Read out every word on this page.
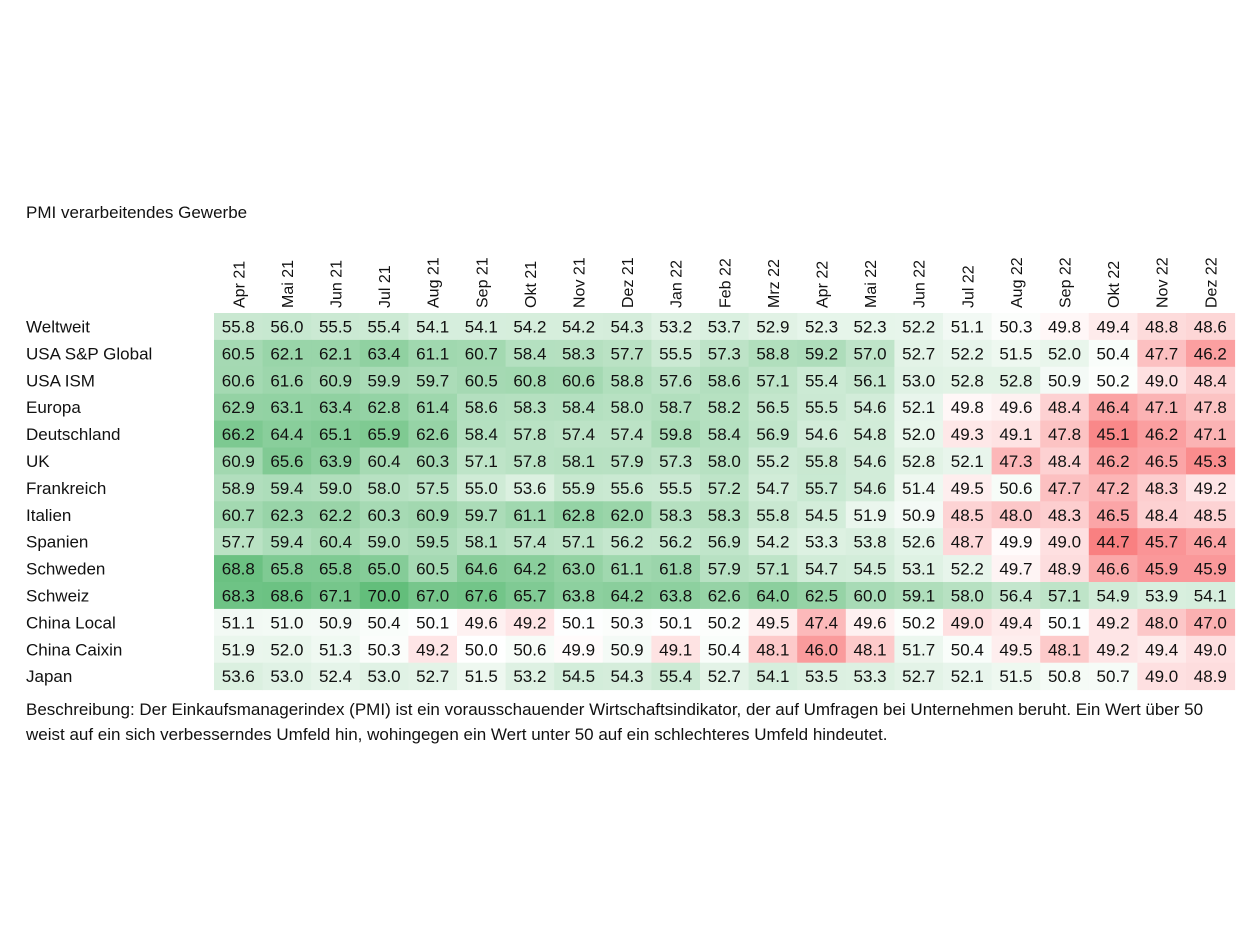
PMI verarbeitendes Gewerbe
Apr 21 Mai 21 Jun 21 Jul 21 Aug 21 Sep 21 Okt 21 Nov 21 Dez 21 Jan 22 Feb 22 Mrz 22 Apr 22 Mai 22 Jun 22 Jul 22 Aug 22 Sep 22 Okt 22 Nov 22 Dez 22
Weltweit	55.8 56.0 55.5 55.4 54.1 54.1 54.2 54.2 54.3 53.2 53.7 52.9 52.3 52.3 52.2 51.1 50.3 49.8 49.4 48.8 48.6
USA S&P Global	60.5 62.1 62.1 63.4 61.1 60.7 58.4 58.3 57.7 55.5 57.3 58.8 59.2 57.0 52.7 52.2 51.5 52.0 50.4 47.7 46.2
USA ISM	60.6 61.6 60.9 59.9 59.7 60.5 60.8 60.6 58.8 57.6 58.6 57.1 55.4 56.1 53.0 52.8 52.8 50.9 50.2 49.0 48.4
Europa	62.9 63.1 63.4 62.8 61.4 58.6 58.3 58.4 58.0 58.7 58.2 56.5 55.5 54.6 52.1 49.8 49.6 48.4 46.4 47.1 47.8
Deutschland	66.2 64.4 65.1 65.9 62.6 58.4 57.8 57.4 57.4 59.8 58.4 56.9 54.6 54.8 52.0 49.3 49.1 47.8 45.1 46.2 47.1
UK	60.9 65.6 63.9 60.4 60.3 57.1 57.8 58.1 57.9 57.3 58.0 55.2 55.8 54.6 52.8 52.1 47.3 48.4 46.2 46.5 45.3
Frankreich	58.9 59.4 59.0 58.0 57.5 55.0 53.6 55.9 55.6 55.5 57.2 54.7 55.7 54.6 51.4 49.5 50.6 47.7 47.2 48.3 49.2
Italien	60.7 62.3 62.2 60.3 60.9 59.7 61.1 62.8 62.0 58.3 58.3 55.8 54.5 51.9 50.9 48.5 48.0 48.3 46.5 48.4 48.5
Spanien	57.7 59.4 60.4 59.0 59.5 58.1 57.4 57.1 56.2 56.2 56.9 54.2 53.3 53.8 52.6 48.7 49.9 49.0 44.7 45.7 46.4
Schweden	68.8 65.8 65.8 65.0 60.5 64.6 64.2 63.0 61.1 61.8 57.9 57.1 54.7 54.5 53.1 52.2 49.7 48.9 46.6 45.9 45.9
Schweiz	68.3 68.6 67.1 70.0 67.0 67.6 65.7 63.8 64.2 63.8 62.6 64.0 62.5 60.0 59.1 58.0 56.4 57.1 54.9 53.9 54.1
China Local	51.1 51.0 50.9 50.4 50.1 49.6 49.2 50.1 50.3 50.1 50.2 49.5 47.4 49.6 50.2 49.0 49.4 50.1 49.2 48.0 47.0
China Caixin	51.9 52.0 51.3 50.3 49.2 50.0 50.6 49.9 50.9 49.1 50.4 48.1 46.0 48.1 51.7 50.4 49.5 48.1 49.2 49.4 49.0
Japan	53.6 53.0 52.4 53.0 52.7 51.5 53.2 54.5 54.3 55.4 52.7 54.1 53.5 53.3 52.7 52.1 51.5 50.8 50.7 49.0 48.9
Beschreibung: Der Einkaufsmanagerindex (PMI) ist ein vorausschauender Wirtschaftsindikator, der auf Umfragen bei Unternehmen beruht. Ein Wert über 50 weist auf ein sich verbesserndes Umfeld hin, wohingegen ein Wert unter 50 auf ein schlechteres Umfeld hindeutet.
